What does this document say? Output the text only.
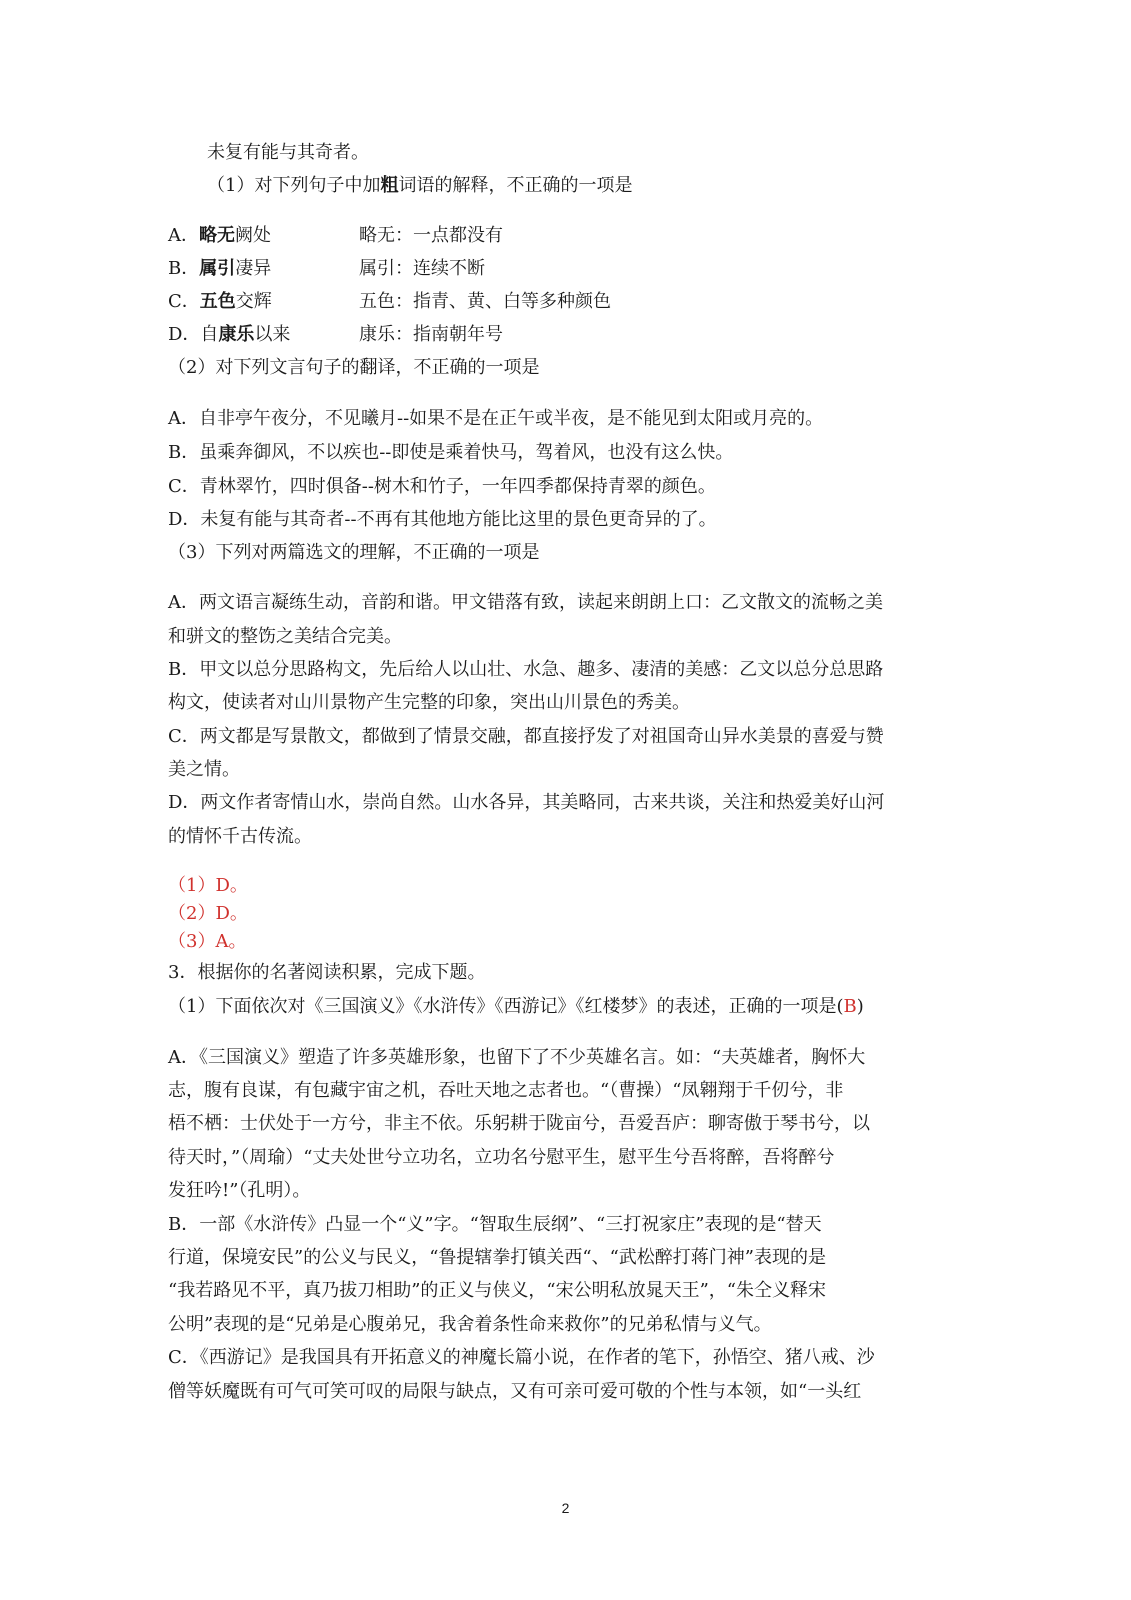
未复有能与其奇者。
（1）对下列句子中加粗词语的解释，不正确的一项是
A．略无阙处	略无：一点都没有
B．属引凄异	属引：连续不断
C．五色交辉	五色：指青、黄、白等多种颜色
D．自康乐以来	康乐：指南朝年号
（2）对下列文言句子的翻译，不正确的一项是
A．自非亭午夜分，不见曦月--如果不是在正午或半夜，是不能见到太阳或月亮的。
B．虽乘奔御风，不以疾也--即使是乘着快马，驾着风，也没有这么快。
C．青林翠竹，四时俱备--树木和竹子，一年四季都保持青翠的颜色。
D．未复有能与其奇者--不再有其他地方能比这里的景色更奇异的了。
（3）下列对两篇选文的理解，不正确的一项是
A．两文语言凝练生动，音韵和谐。甲文错落有致，读起来朗朗上口：乙文散文的流畅之美
和骈文的整饬之美结合完美。
B．甲文以总分思路构文，先后给人以山壮、水急、趣多、凄清的美感：乙文以总分总思路
构文，使读者对山川景物产生完整的印象，突出山川景色的秀美。
C．两文都是写景散文，都做到了情景交融，都直接抒发了对祖国奇山异水美景的喜爱与赞
美之情。
D．两文作者寄情山水，崇尚自然。山水各异，其美略同，古来共谈，关注和热爱美好山河
的情怀千古传流。
（1）D。
（2）D。
（3）A。
3．根据你的名著阅读积累，完成下题。
（1）下面依次对《三国演义》《水浒传》《西游记》《红楼梦》的表述，正确的一项是(B)
A．《三国演义》塑造了许多英雄形象，也留下了不少英雄名言。如：“夫英雄者，胸怀大
志，腹有良谋，有包藏宇宙之机，吞吐天地之志者也。“（曹操）“凤翱翔于千仞兮，非
梧不栖：士伏处于一方兮，非主不依。乐躬耕于陇亩兮，吾爱吾庐：聊寄傲于琴书兮，以
待天时，”（周瑜）“丈夫处世兮立功名，立功名兮慰平生，慰平生兮吾将醉，吾将醉兮
发狂吟!”（孔明）。
B．一部《水浒传》凸显一个“义”字。“智取生辰纲”、“三打祝家庄”表现的是“替天
行道，保境安民”的公义与民义，“鲁提辖拳打镇关西“、“武松醉打蒋门神”表现的是
“我若路见不平，真乃拔刀相助”的正义与侠义，“宋公明私放晁天王”，“朱仝义释宋
公明”表现的是“兄弟是心腹弟兄，我舍着条性命来救你”的兄弟私情与义气。
C．《西游记》是我国具有开拓意义的神魔长篇小说，在作者的笔下，孙悟空、猪八戒、沙
僧等妖魔既有可气可笑可叹的局限与缺点，又有可亲可爱可敬的个性与本领，如“一头红
2
